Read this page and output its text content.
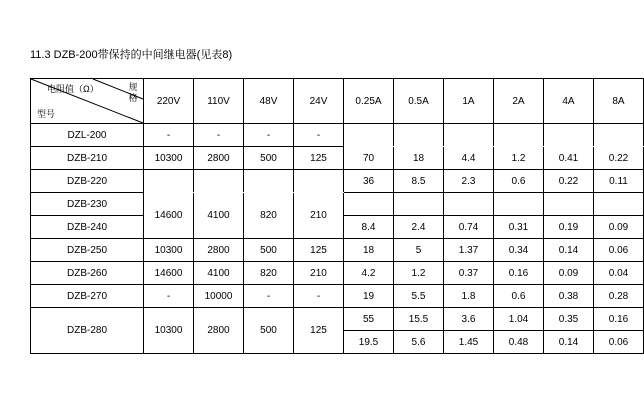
11.3 DZB-200带保持的中间继电器(见表8)
电阻值（Ω） 规格
型号	220V	110V	48V	24V	0.25A	0.5A	1A	2A	4A	8A

DZL-200	-	-	-	-						
DZB-210	10300	2800	500	125	70	18	4.4	1.2	0.41	0.22
DZB-220					36	8.5	2.3	0.6	0.22	0.11
DZB-230	14600	4100	820	210						
DZB-240					8.4	2.4	0.74	0.31	0.19	0.09
DZB-250	10300	2800	500	125	18	5	1.37	0.34	0.14	0.06
DZB-260	14600	4100	820	210	4.2	1.2	0.37	0.16	0.09	0.04
DZB-270	-	10000	-	-	19	5.5	1.8	0.6	0.38	0.28
DZB-280	10300	2800	500	125	55	15.5	3.6	1.04	0.35	0.16
					19.5	5.6	1.45	0.48	0.14	0.06
